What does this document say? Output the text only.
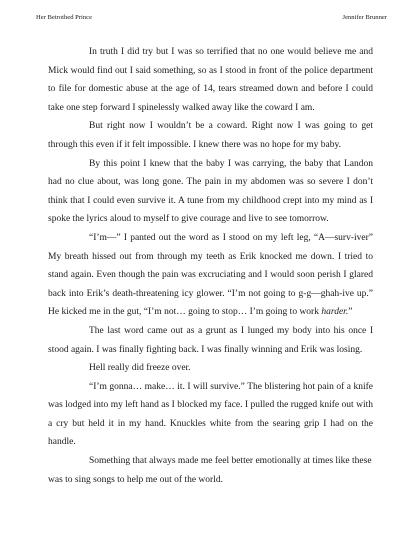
Her Betrothed Prince	Jennifer Brunner

In truth I did try but I was so terrified that no one would believe me and Mick would find out I said something, so as I stood in front of the police department to file for domestic abuse at the age of 14, tears streamed down and before I could take one step forward I spinelessly walked away like the coward I am.

But right now I wouldn’t be a coward. Right now I was going to get through this even if it felt impossible. I knew there was no hope for my baby.

By this point I knew that the baby I was carrying, the baby that Landon had no clue about, was long gone. The pain in my abdomen was so severe I don’t think that I could even survive it. A tune from my childhood crept into my mind as I spoke the lyrics aloud to myself to give courage and live to see tomorrow.

“I’m—” I panted out the word as I stood on my left leg, “A—surv-iver” My breath hissed out from through my teeth as Erik knocked me down. I tried to stand again. Even though the pain was excruciating and I would soon perish I glared back into Erik’s death-threatening icy glower. “I’m not going to g-g—ghah-ive up.” He kicked me in the gut, “I’m not… going to stop… I’m going to work harder.”

The last word came out as a grunt as I lunged my body into his once I stood again. I was finally fighting back. I was finally winning and Erik was losing.

Hell really did freeze over.

“I’m gonna… make… it. I will survive.” The blistering hot pain of a knife was lodged into my left hand as I blocked my face. I pulled the rugged knife out with a cry but held it in my hand. Knuckles white from the searing grip I had on the handle.

Something that always made me feel better emotionally at times like these was to sing songs to help me out of the world.
